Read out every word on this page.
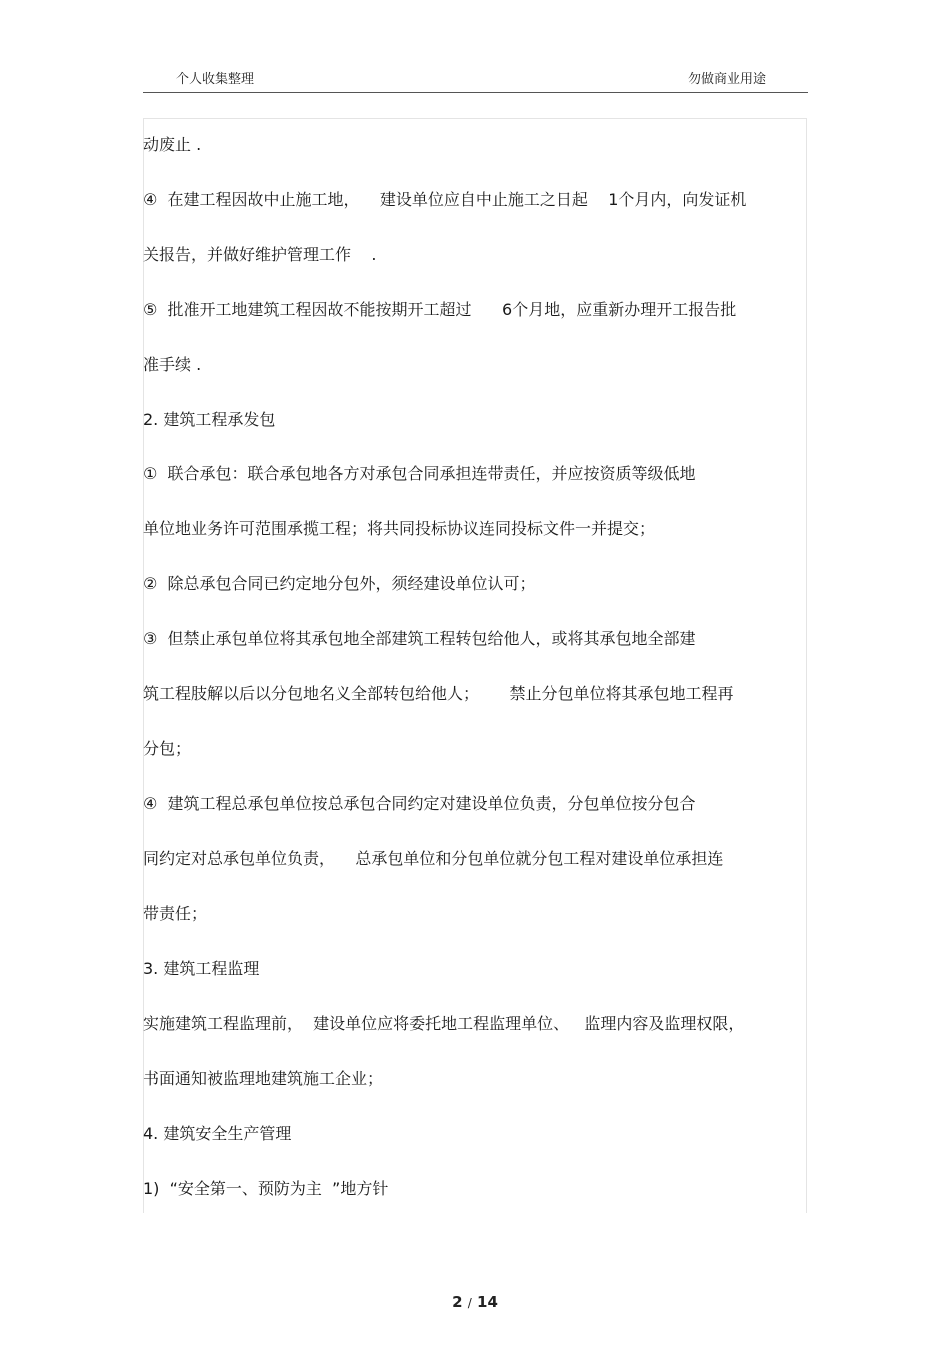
个人收集整理	勿做商业用途
动废止 .
④  在建工程因故中止施工地，    建设单位应自中止施工之日起    1个月内，向发证机
关报告，并做好维护管理工作    .
⑤  批准开工地建筑工程因故不能按期开工超过      6个月地，应重新办理开工报告批
准手续 .
2. 建筑工程承发包
①  联合承包：联合承包地各方对承包合同承担连带责任，并应按资质等级低地
单位地业务许可范围承揽工程；将共同投标协议连同投标文件一并提交；
②  除总承包合同已约定地分包外，须经建设单位认可；
③  但禁止承包单位将其承包地全部建筑工程转包给他人，或将其承包地全部建
筑工程肢解以后以分包地名义全部转包给他人；      禁止分包单位将其承包地工程再
分包；
④  建筑工程总承包单位按总承包合同约定对建设单位负责，分包单位按分包合
同约定对总承包单位负责，    总承包单位和分包单位就分包工程对建设单位承担连
带责任；
3. 建筑工程监理
实施建筑工程监理前，  建设单位应将委托地工程监理单位、   监理内容及监理权限，
书面通知被监理地建筑施工企业；
4. 建筑安全生产管理
1)  “安全第一、预防为主  ”地方针
2 / 14
